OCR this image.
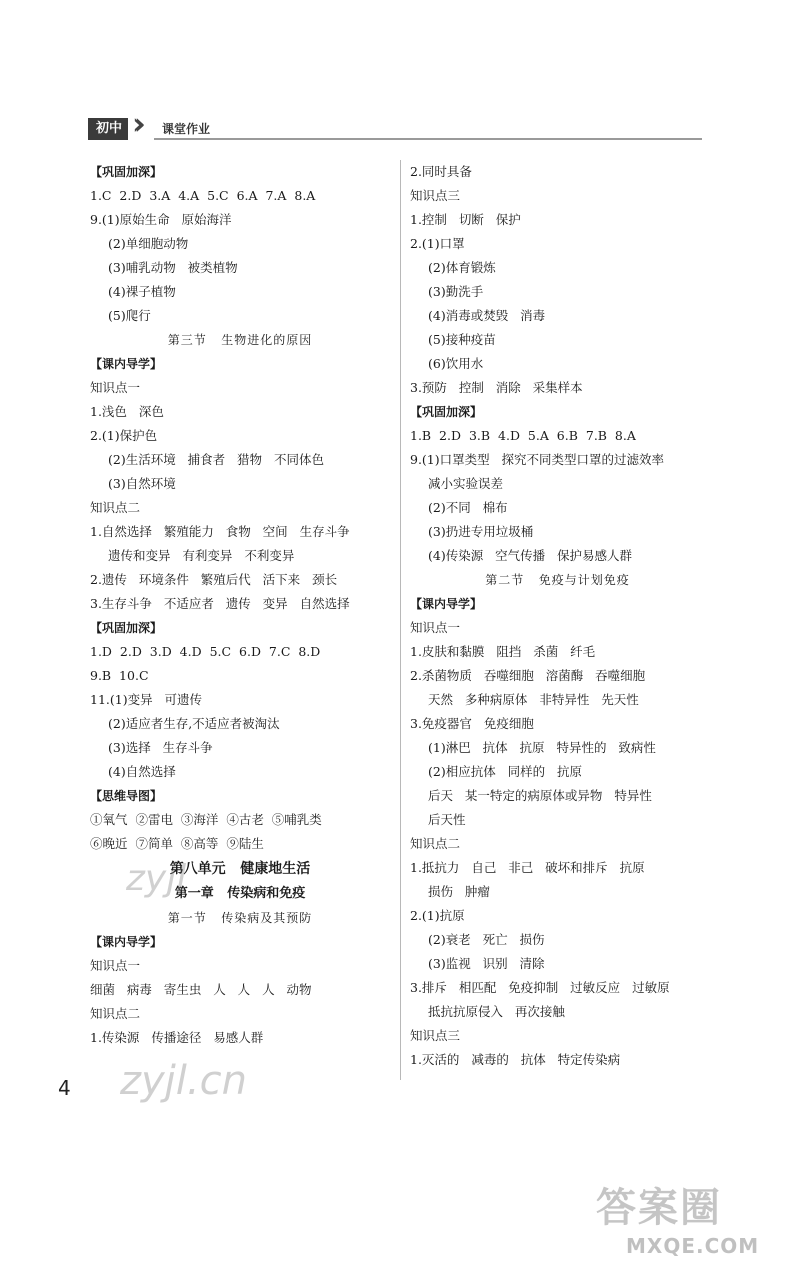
初中 ›› 课堂作业
【巩固加深】
1.C  2.D  3.A  4.A  5.C  6.A  7.A  8.A
9.(1)原始生命   原始海洋
(2)单细胞动物
(3)哺乳动物   被类植物
(4)裸子植物
(5)爬行
第三节   生物进化的原因
【课内导学】
知识点一
1.浅色   深色
2.(1)保护色
(2)生活环境   捕食者   猎物   不同体色
(3)自然环境
知识点二
1.自然选择   繁殖能力   食物   空间   生存斗争
遗传和变异   有利变异   不利变异
2.遗传   环境条件   繁殖后代   活下来   颈长
3.生存斗争   不适应者   遗传   变异   自然选择
【巩固加深】
1.D  2.D  3.D  4.D  5.C  6.D  7.C  8.D
9.B  10.C
11.(1)变异   可遗传
(2)适应者生存,不适应者被淘汰
(3)选择   生存斗争
(4)自然选择
【思维导图】
①氧气  ②雷电  ③海洋  ④古老  ⑤哺乳类
⑥晚近  ⑦简单  ⑧高等  ⑨陆生
第八单元   健康地生活
第一章   传染病和免疫
第一节   传染病及其预防
【课内导学】
知识点一
细菌   病毒   寄生虫   人   人   人   动物
知识点二
1.传染源   传播途径   易感人群
2.同时具备
知识点三
1.控制   切断   保护
2.(1)口罩
(2)体育锻炼
(3)勤洗手
(4)消毒或焚毁   消毒
(5)接种疫苗
(6)饮用水
3.预防   控制   消除   采集样本
【巩固加深】
1.B  2.D  3.B  4.D  5.A  6.B  7.B  8.A
9.(1)口罩类型   探究不同类型口罩的过滤效率
减小实验误差
(2)不同   棉布
(3)扔进专用垃圾桶
(4)传染源   空气传播   保护易感人群
第二节   免疫与计划免疫
【课内导学】
知识点一
1.皮肤和黏膜   阻挡   杀菌   纤毛
2.杀菌物质   吞噬细胞   溶菌酶   吞噬细胞
天然   多种病原体   非特异性   先天性
3.免疫器官   免疫细胞
(1)淋巴   抗体   抗原   特异性的   致病性
(2)相应抗体   同样的   抗原
后天   某一特定的病原体或异物   特异性
后天性
知识点二
1.抵抗力   自己   非己   破坏和排斥   抗原
损伤   肿瘤
2.(1)抗原
(2)衰老   死亡   损伤
(3)监视   识别   清除
3.排斥   相匹配   免疫抑制   过敏反应   过敏原
抵抗抗原侵入   再次接触
知识点三
1.灭活的   减毒的   抗体   特定传染病
zyjl
4 zyjl.cn
答案圈
MXQE.COM
